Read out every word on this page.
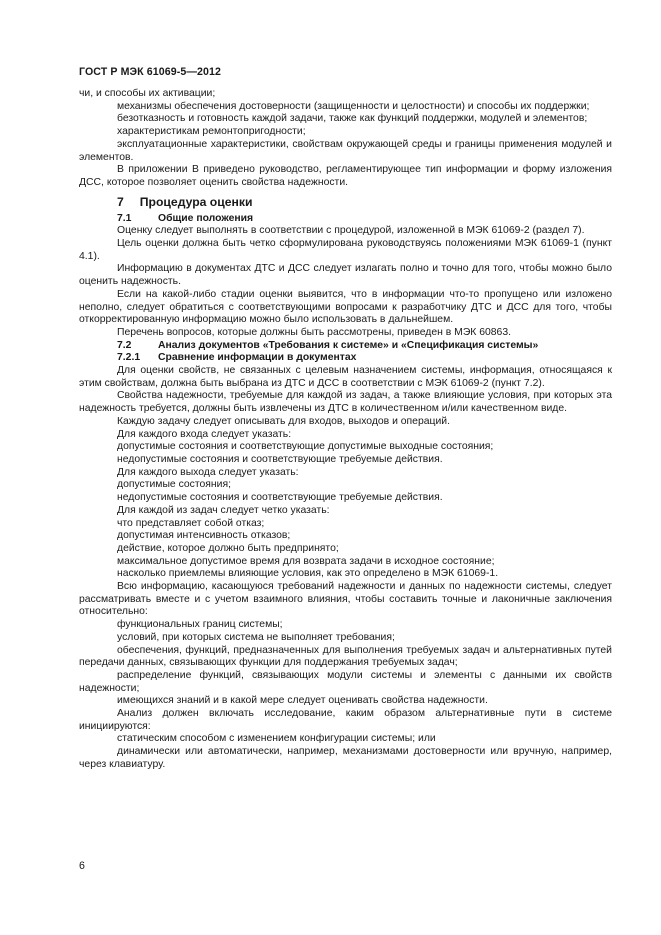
ГОСТ Р МЭК 61069-5—2012

чи, и способы их активации;

механизмы обеспечения достоверности (защищенности и целостности) и способы их поддержки;

безотказность и готовность каждой задачи, также как функций поддержки, модулей и элементов;

характеристикам ремонтопригодности;

эксплуатационные характеристики, свойствам окружающей среды и границы применения модулей и элементов.

В приложении В приведено руководство, регламентирующее тип информации и форму изложения ДСС, которое позволяет оценить свойства надежности.

7 Процедура оценки

7.1	Общие положения

Оценку следует выполнять в соответствии с процедурой, изложенной в МЭК 61069-2 (раздел 7).

Цель оценки должна быть четко сформулирована руководствуясь положениями МЭК 61069-1 (пункт 4.1).

Информацию в документах ДТС и ДСС следует излагать полно и точно для того, чтобы можно было оценить надежность.

Если на какой-либо стадии оценки выявится, что в информации что-то пропущено или изложено неполно, следует обратиться с соответствующими вопросами к разработчику ДТС и ДСС для того, чтобы откорректированную информацию можно было использовать в дальнейшем.

Перечень вопросов, которые должны быть рассмотрены, приведен в МЭК 60863.

7.2	Анализ документов «Требования к системе» и «Спецификация системы»

7.2.1	Сравнение информации в документах

Для оценки свойств, не связанных с целевым назначением системы, информация, относящаяся к этим свойствам, должна быть выбрана из ДТС и ДСС в соответствии с МЭК 61069-2 (пункт 7.2).

Свойства надежности, требуемые для каждой из задач, а также влияющие условия, при которых эта надежность требуется, должны быть извлечены из ДТС в количественном и/или качественном виде.

Каждую задачу следует описывать для входов, выходов и операций.

Для каждого входа следует указать:

допустимые состояния и соответствующие допустимые выходные состояния;

недопустимые состояния и соответствующие требуемые действия.

Для каждого выхода следует указать:

допустимые состояния;

недопустимые состояния и соответствующие требуемые действия.

Для каждой из задач следует четко указать:

что представляет собой отказ;

допустимая интенсивность отказов;

действие, которое должно быть предпринято;

максимальное допустимое время для возврата задачи в исходное состояние;

насколько приемлемы влияющие условия, как это определено в МЭК 61069-1.

Всю информацию, касающуюся требований надежности и данных по надежности системы, следует рассматривать вместе и с учетом взаимного влияния, чтобы составить точные и лаконичные заключения относительно:

функциональных границ системы;

условий, при которых система не выполняет требования;

обеспечения, функций, предназначенных для выполнения требуемых задач и альтернативных путей передачи данных, связывающих функции для поддержания требуемых задач;

распределение функций, связывающих модули системы и элементы с данными их свойств надежности;

имеющихся знаний и в какой мере следует оценивать свойства надежности.

Анализ должен включать исследование, каким образом альтернативные пути в системе инициируются:

статическим способом с изменением конфигурации системы; или

динамически или автоматически, например, механизмами достоверности или вручную, например, через клавиатуру.

6
